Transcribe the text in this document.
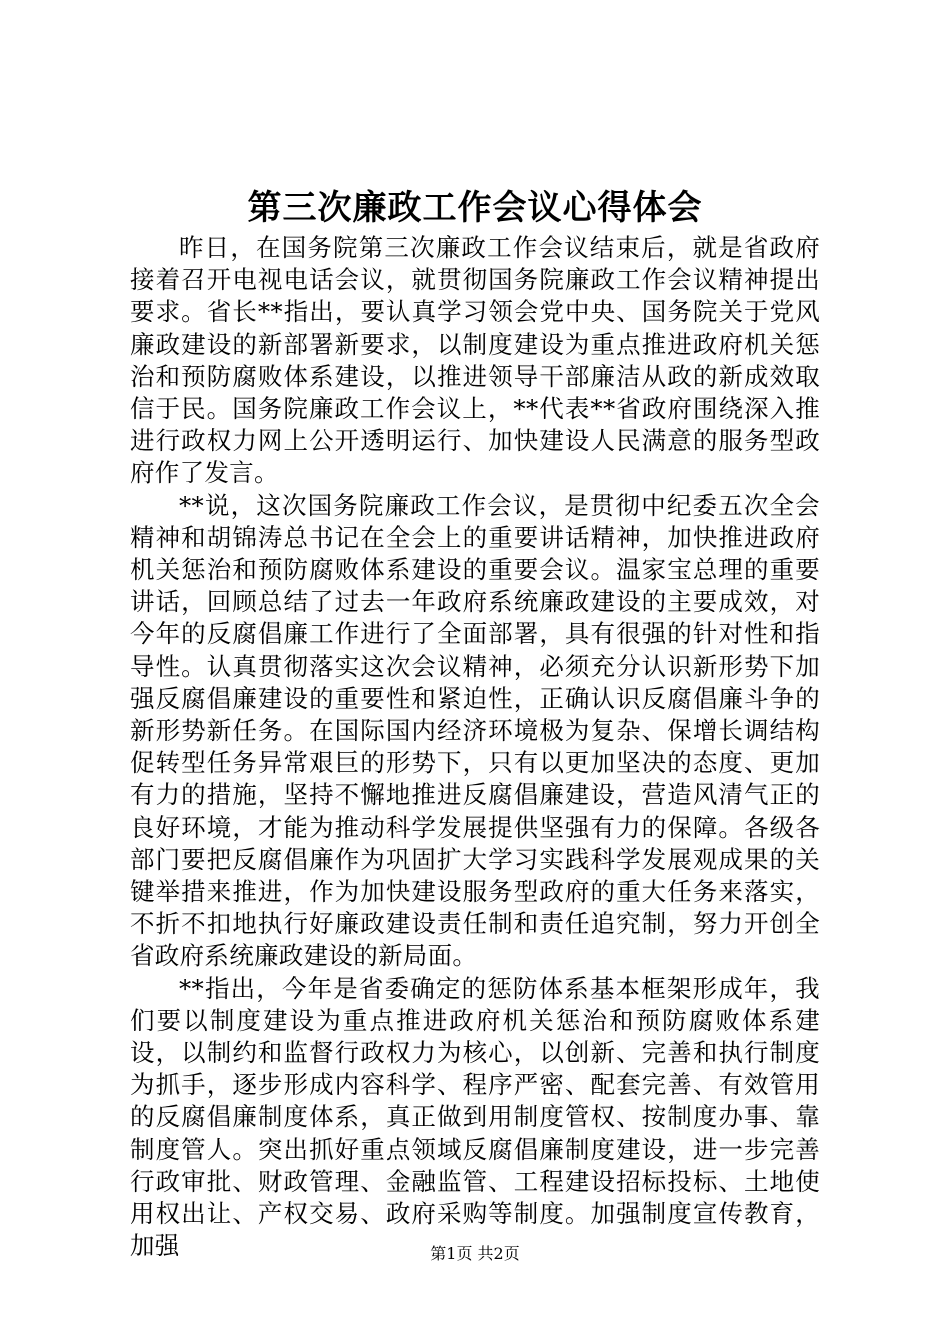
第三次廉政工作会议心得体会

昨日，在国务院第三次廉政工作会议结束后，就是省政府接着召开电视电话会议，就贯彻国务院廉政工作会议精神提出要求。省长**指出，要认真学习领会党中央、国务院关于党风廉政建设的新部署新要求，以制度建设为重点推进政府机关惩治和预防腐败体系建设，以推进领导干部廉洁从政的新成效取信于民。国务院廉政工作会议上，**代表**省政府围绕深入推进行政权力网上公开透明运行、加快建设人民满意的服务型政府作了发言。

**说，这次国务院廉政工作会议，是贯彻中纪委五次全会精神和胡锦涛总书记在全会上的重要讲话精神，加快推进政府机关惩治和预防腐败体系建设的重要会议。温家宝总理的重要讲话，回顾总结了过去一年政府系统廉政建设的主要成效，对今年的反腐倡廉工作进行了全面部署，具有很强的针对性和指导性。认真贯彻落实这次会议精神，必须充分认识新形势下加强反腐倡廉建设的重要性和紧迫性，正确认识反腐倡廉斗争的新形势新任务。在国际国内经济环境极为复杂、保增长调结构促转型任务异常艰巨的形势下，只有以更加坚决的态度、更加有力的措施，坚持不懈地推进反腐倡廉建设，营造风清气正的良好环境，才能为推动科学发展提供坚强有力的保障。各级各部门要把反腐倡廉作为巩固扩大学习实践科学发展观成果的关键举措来推进，作为加快建设服务型政府的重大任务来落实，不折不扣地执行好廉政建设责任制和责任追究制，努力开创全省政府系统廉政建设的新局面。

**指出，今年是省委确定的惩防体系基本框架形成年，我们要以制度建设为重点推进政府机关惩治和预防腐败体系建设，以制约和监督行政权力为核心，以创新、完善和执行制度为抓手，逐步形成内容科学、程序严密、配套完善、有效管用的反腐倡廉制度体系，真正做到用制度管权、按制度办事、靠制度管人。突出抓好重点领域反腐倡廉制度建设，进一步完善行政审批、财政管理、金融监管、工程建设招标投标、土地使用权出让、产权交易、政府采购等制度。加强制度宣传教育，加强	第1页 共2页
